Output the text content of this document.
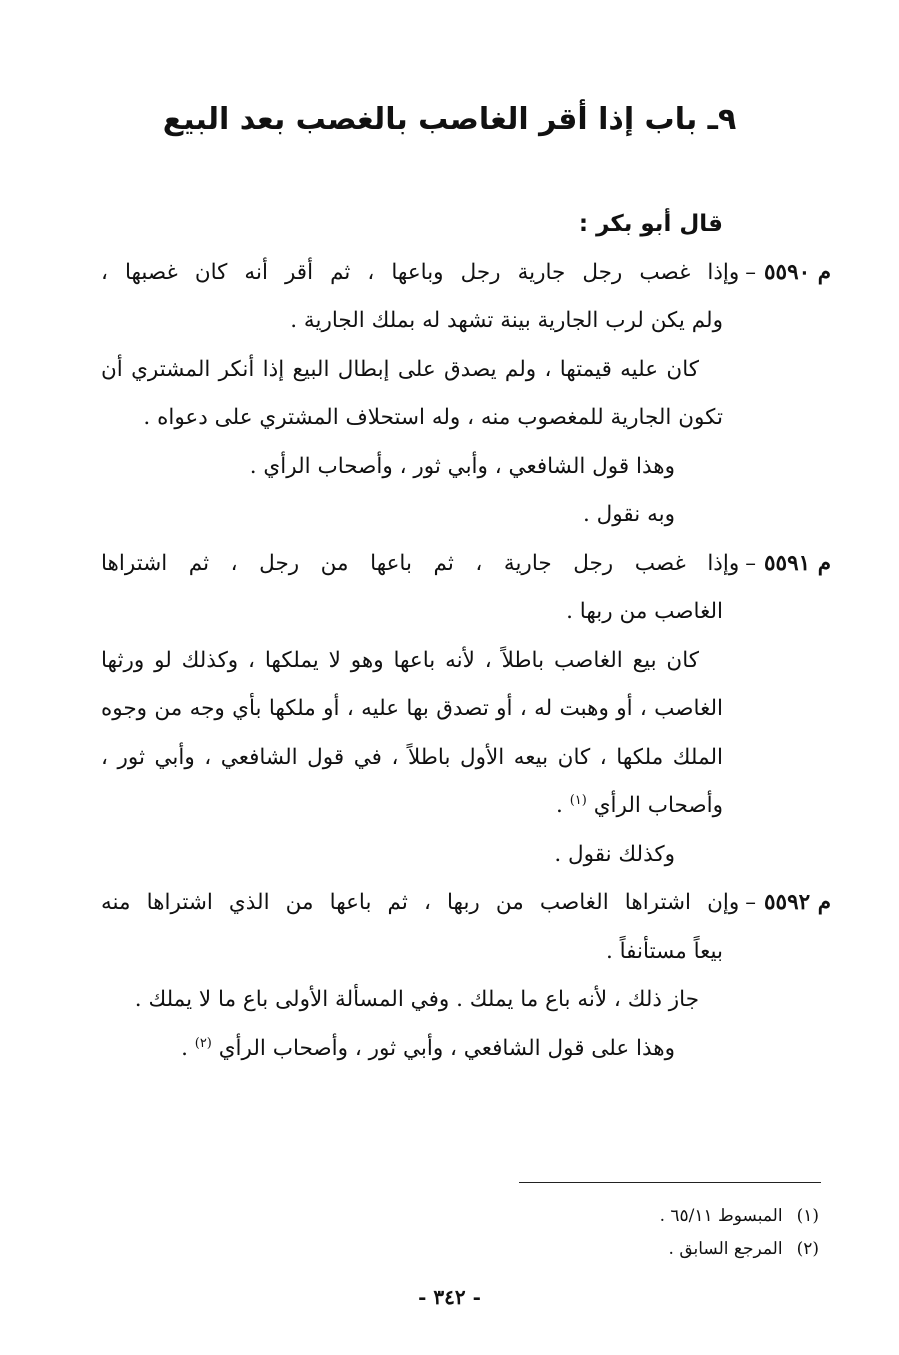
٩ـ باب إذا أقر الغاصب بالغصب بعد البيع
قال أبو بكر :
م ٥٥٩٠
–
وإذا غصب رجل جارية رجل وباعها ، ثم أقر أنه كان غصبها ،
ولم يكن لرب الجارية بينة تشهد له بملك الجارية .
كان عليه قيمتها ، ولم يصدق على إبطال البيع إذا أنكر المشتري أن تكون الجارية للمغصوب منه ، وله استحلاف المشتري على دعواه .
وهذا قول الشافعي ، وأبي ثور ، وأصحاب الرأي .
وبه نقول .
م ٥٥٩١
–
وإذا غصب رجل جارية ، ثم باعها من رجل ، ثم اشتراها
الغاصب من ربها .
كان بيع الغاصب باطلاً ، لأنه باعها وهو لا يملكها ، وكذلك لو ورثها الغاصب ، أو وهبت له ، أو تصدق بها عليه ، أو ملكها بأي وجه من وجوه الملك ملكها ، كان بيعه الأول باطلاً ، في قول الشافعي ، وأبي ثور ، وأصحاب الرأي $^{(١)}$ .
وكذلك نقول .
م ٥٥٩٢
–
وإن اشتراها الغاصب من ربها ، ثم باعها من الذي اشتراها منه
بيعاً مستأنفاً .
جاز ذلك ، لأنه باع ما يملك . وفي المسألة الأولى باع ما لا يملك .
وهذا على قول الشافعي ، وأبي ثور ، وأصحاب الرأي $^{(٢)}$ .
(١)
المبسوط ٦٥/١١ .
(٢)
المرجع السابق .
- ٣٤٢ -
